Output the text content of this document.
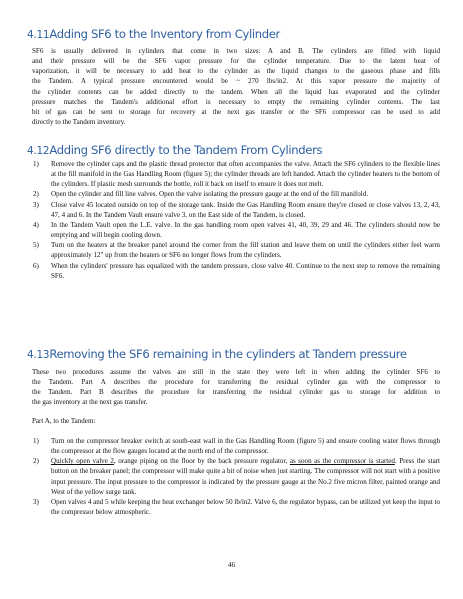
4.11Adding SF6 to the Inventory from Cylinder
SF6 is usually delivered in cylinders that come in two sizes: A and B. The cylinders are filled with liquid
and their pressure will be the SF6 vapor pressure for the cylinder temperature. Due to the latent heat of
vaporization, it will be necessary to add heat to the cylinder as the liquid changes to the gaseous phase and fills
the Tandem. A typical pressure encountered would be ~ 270 lbs/in2. At this vapor pressure the majority of
the cylinder contents can be added directly to the tandem. When all the liquid has evaporated and the cylinder
pressure matches the Tandem's additional effort is necessary to empty the remaining cylinder contents. The last
bit of gas can be sent to storage for recovery at the next gas transfer or the SF6 compressor can be used to add
directly to the Tandem inventory.
4.12Adding SF6 directly to the Tandem From Cylinders
1) Remove the cylinder caps and the plastic thread protector that often accompanies the valve. Attach the SF6 cylinders to the flexible lines at the fill manifold in the Gas Handling Room (figure 5); the cylinder threads are left handed. Attach the cylinder heaters to the bottom of the cylinders. If plastic mesh surrounds the bottle, roll it back on itself to ensure it does not melt.
2) Open the cylinder and fill line valves. Open the valve isolating the pressure gauge at the end of the fill manifold.
3) Close valve 45 located outside on top of the storage tank. Inside the Gas Handling Room ensure they're closed or close valves 13, 2, 43, 47, 4 and 6. In the Tandem Vault ensure valve 3, on the East side of the Tandem, is closed.
4) In the Tandem Vault open the L.E. valve. In the gas handling room open valves 41, 40, 39, 29 and 46. The cylinders should now be emptying and will begin cooling down.
5) Turn on the heaters at the breaker panel around the corner from the fill station and leave them on until the cylinders either feel warm approximately 12" up from the heaters or SF6 no longer flows from the cylinders.
6) When the cylinders' pressure has equalized with the tandem pressure, close valve 40. Continue to the next step to remove the remaining SF6.
4.13Removing the SF6 remaining in the cylinders at Tandem pressure
These two procedures assume the valves are still in the state they were left in when adding the cylinder SF6 to
the Tandem. Part A describes the procedure for transferring the residual cylinder gas with the compressor to
the Tandem. Part B describes the procedure for transferring the residual cylinder gas to storage for addition to
the gas inventory at the next gas transfer.
Part A, to the Tandem:
1) Turn on the compressor breaker switch at south-east wall in the Gas Handling Room (figure 5) and ensure cooling water flows through the compressor at the flow gauges located at the north end of the compressor.
2) Quickly open valve 2, orange piping on the floor by the back pressure regulator, as soon as the compressor is started. Press the start button on the breaker panel; the compressor will make quite a bit of noise when just starting. The compressor will not start with a positive input pressure. The input pressure to the compressor is indicated by the pressure gauge at the No.2 five micron filter, painted orange and West of the yellow surge tank.
3) Open valves 4 and 5 while keeping the heat exchanger below 50 lb/in2. Valve 6, the regulator bypass, can be utilized yet keep the input to the compressor below atmospheric.
46
